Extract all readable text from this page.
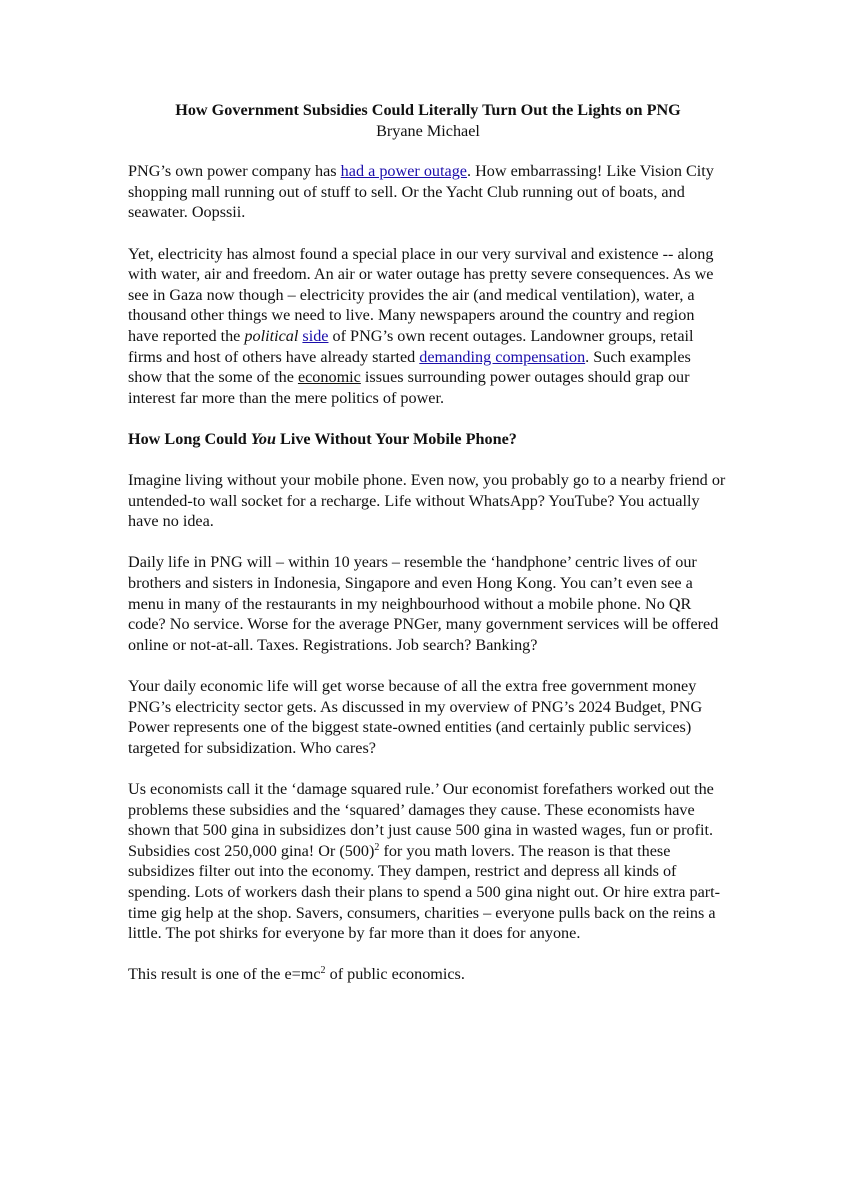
How Government Subsidies Could Literally Turn Out the Lights on PNG
Bryane Michael

PNG’s own power company has had a power outage. How embarrassing! Like Vision City shopping mall running out of stuff to sell. Or the Yacht Club running out of boats, and seawater. Oopssii.

Yet, electricity has almost found a special place in our very survival and existence -- along with water, air and freedom. An air or water outage has pretty severe consequences. As we see in Gaza now though – electricity provides the air (and medical ventilation), water, a thousand other things we need to live. Many newspapers around the country and region have reported the political side of PNG’s own recent outages. Landowner groups, retail firms and host of others have already started demanding compensation. Such examples show that the some of the economic issues surrounding power outages should grap our interest far more than the mere politics of power.

How Long Could You Live Without Your Mobile Phone?

Imagine living without your mobile phone. Even now, you probably go to a nearby friend or untended-to wall socket for a recharge. Life without WhatsApp? YouTube? You actually have no idea.

Daily life in PNG will – within 10 years – resemble the ‘handphone’ centric lives of our brothers and sisters in Indonesia, Singapore and even Hong Kong. You can’t even see a menu in many of the restaurants in my neighbourhood without a mobile phone. No QR code? No service. Worse for the average PNGer, many government services will be offered online or not-at-all. Taxes. Registrations. Job search? Banking?

Your daily economic life will get worse because of all the extra free government money PNG’s electricity sector gets. As discussed in my overview of PNG’s 2024 Budget, PNG Power represents one of the biggest state-owned entities (and certainly public services) targeted for subsidization. Who cares?

Us economists call it the ‘damage squared rule.’ Our economist forefathers worked out the problems these subsidies and the ‘squared’ damages they cause. These economists have shown that 500 gina in subsidizes don’t just cause 500 gina in wasted wages, fun or profit. Subsidies cost 250,000 gina! Or $(500)^2$ for you math lovers. The reason is that these subsidizes filter out into the economy. They dampen, restrict and depress all kinds of spending. Lots of workers dash their plans to spend a 500 gina night out. Or hire extra part-time gig help at the shop. Savers, consumers, charities – everyone pulls back on the reins a little. The pot shirks for everyone by far more than it does for anyone.

This result is one of the $e=mc^2$ of public economics.
